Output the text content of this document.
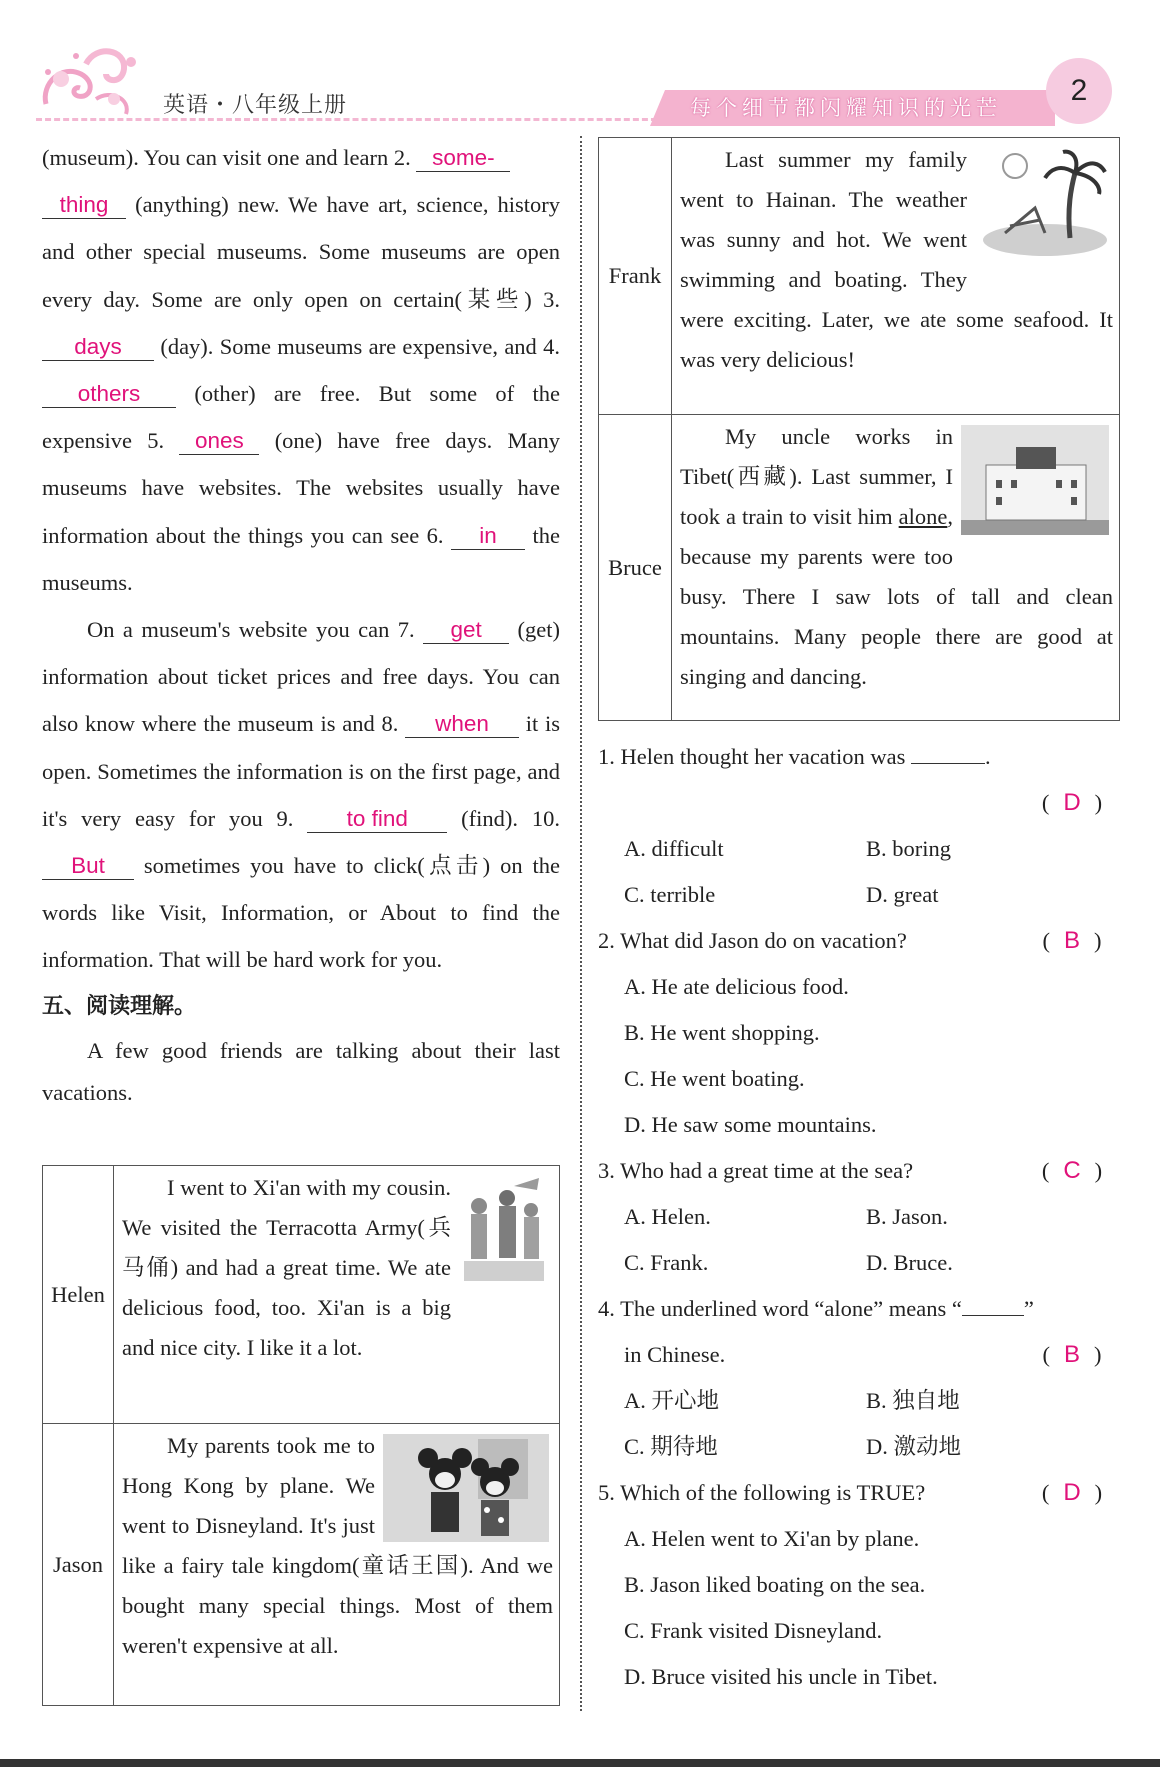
英语・八年级上册	每个细节都闪耀知识的光芒
2

(museum). You can visit one and learn 2. some-
thing (anything) new. We have art, science, history and other special museums. Some museums are open every day. Some are only open on certain(某些) 3. days (day). Some museums are expensive, and 4. others (other) are free. But some of the expensive 5. ones (one) have free days. Many museums have websites. The websites usually have information about the things you can see 6. in the museums.

On a museum's website you can 7. get (get) information about ticket prices and free days. You can also know where the museum is and 8. when it is open. Sometimes the information is on the first page, and it's very easy for you 9. to find (find). 10. But sometimes you have to click(点击) on the words like Visit, Information, or About to find the information. That will be hard work for you.

五、阅读理解。

A few good friends are talking about their last vacations.

Helen	I went to Xi'an with my cousin. We visited the Terracotta Army(兵马俑) and had a great time. We ate delicious food, too. Xi'an is a big and nice city. I like it a lot.
Jason	My parents took me to Hong Kong by plane. We went to Disneyland. It's just like a fairy tale kingdom(童话王国). And we bought many special things. Most of them weren't expensive at all.
Frank	Last summer my family went to Hainan. The weather was sunny and hot. We went swimming and boating. They were exciting. Later, we ate some seafood. It was very delicious!
Bruce	My uncle works in Tibet(西藏). Last summer, I took a train to visit him alone, because my parents were too busy. There I saw lots of tall and clean mountains. Many people there are good at singing and dancing.

1. Helen thought her vacation was	.

( D )

A. difficult	B. boring

C. terrible	D. great

2. What did Jason do on vacation?	( B )

A. He ate delicious food.

B. He went shopping.

C. He went boating.

D. He saw some mountains.

3. Who had a great time at the sea?	( C )

A. Helen.	B. Jason.

C. Frank.	D. Bruce.

4. The underlined word “alone” means “	”

in Chinese.	( B )

A. 开心地	B. 独自地

C. 期待地	D. 激动地

5. Which of the following is TRUE?	( D )

A. Helen went to Xi'an by plane.

B. Jason liked boating on the sea.

C. Frank visited Disneyland.

D. Bruce visited his uncle in Tibet.
